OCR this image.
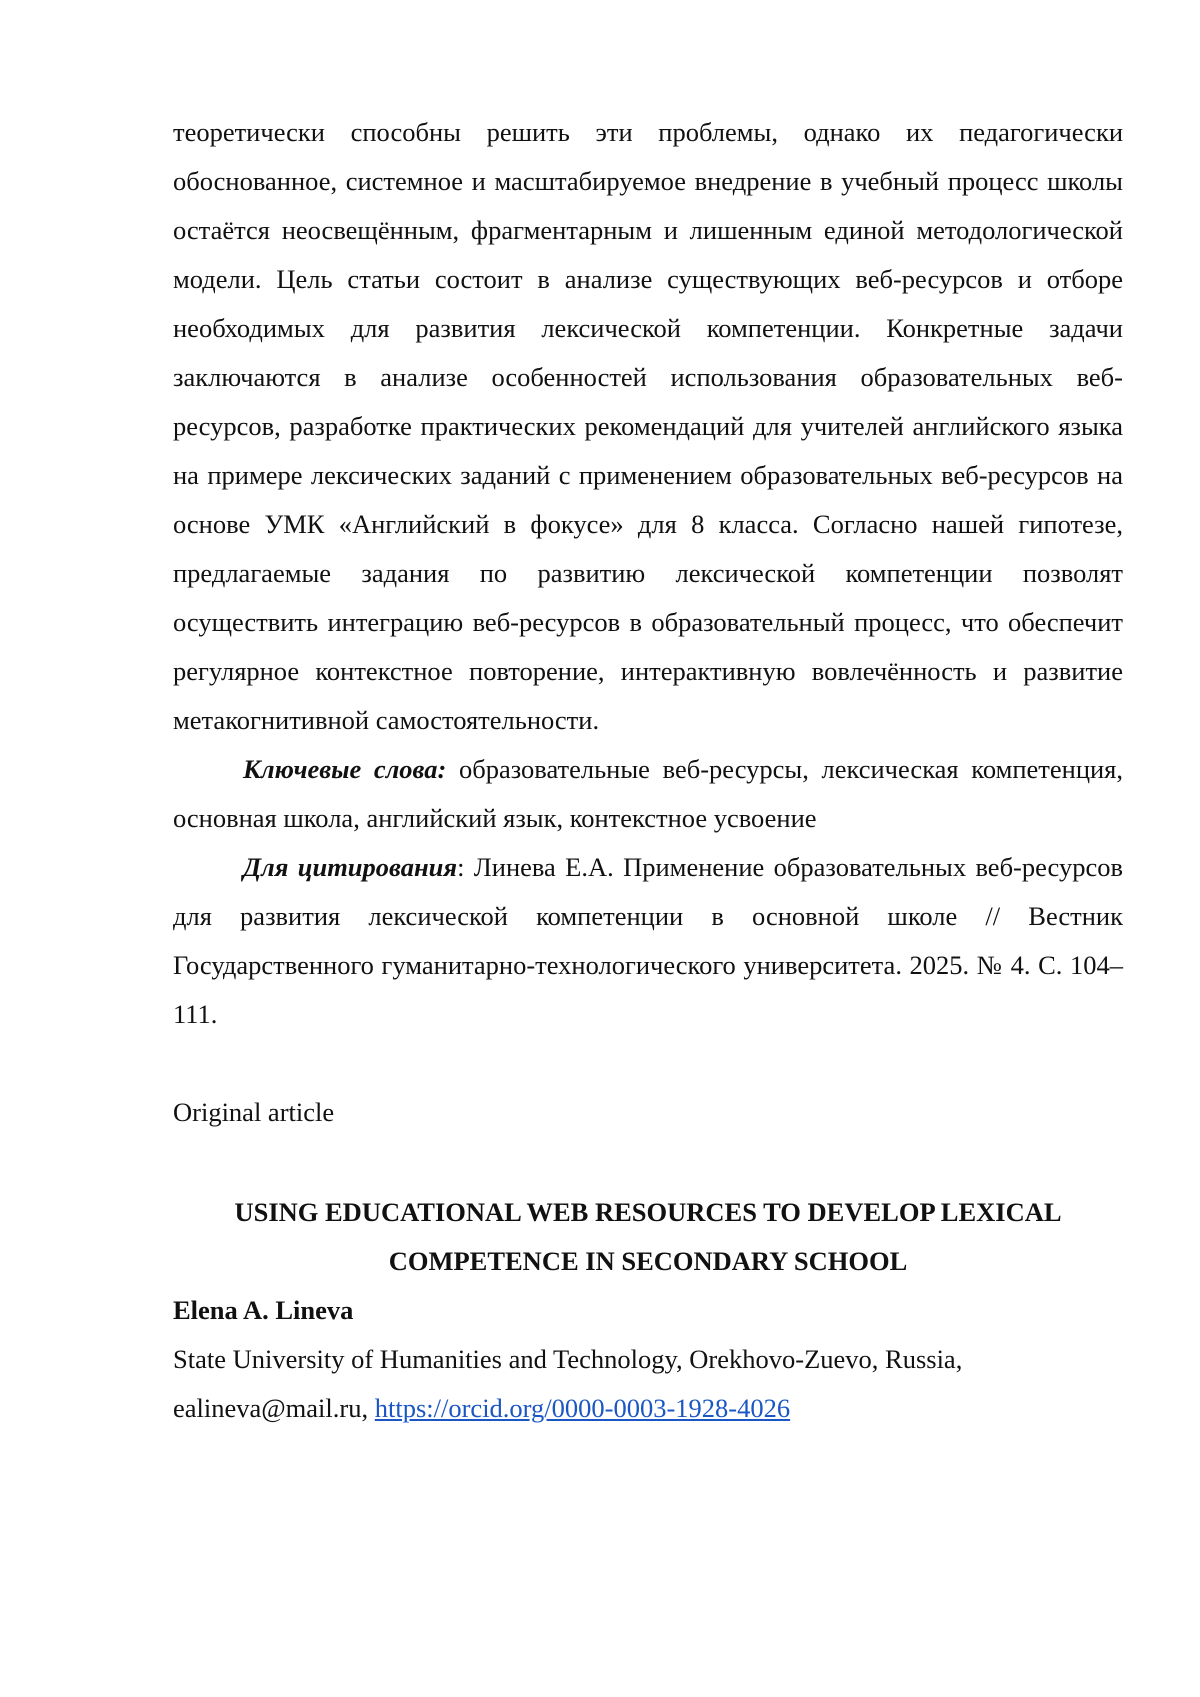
теоретически способны решить эти проблемы, однако их педагогически обоснованное, системное и масштабируемое внедрение в учебный процесс школы остаётся неосвещённым, фрагментарным и лишенным единой методологической модели. Цель статьи состоит в анализе существующих веб-ресурсов и отборе необходимых для развития лексической компетенции. Конкретные задачи заключаются в анализе особенностей использования образовательных веб-ресурсов, разработке практических рекомендаций для учителей английского языка на примере лексических заданий с применением образовательных веб-ресурсов на основе УМК «Английский в фокусе» для 8 класса. Согласно нашей гипотезе, предлагаемые задания по развитию лексической компетенции позволят осуществить интеграцию веб-ресурсов в образовательный процесс, что обеспечит регулярное контекстное повторение, интерактивную вовлечённость и развитие метакогнитивной самостоятельности.

Ключевые слова: образовательные веб-ресурсы, лексическая компетенция, основная школа, английский язык, контекстное усвоение

Для цитирования: Линева Е.А. Применение образовательных веб-ресурсов для развития лексической компетенции в основной школе // Вестник Государственного гуманитарно-технологического университета. 2025. № 4. С. 104–111.

Original article

USING EDUCATIONAL WEB RESOURCES TO DEVELOP LEXICAL
COMPETENCE IN SECONDARY SCHOOL

Elena A. Lineva

State University of Humanities and Technology, Orekhovo-Zuevo, Russia,

ealineva@mail.ru, https://orcid.org/0000-0003-1928-4026
